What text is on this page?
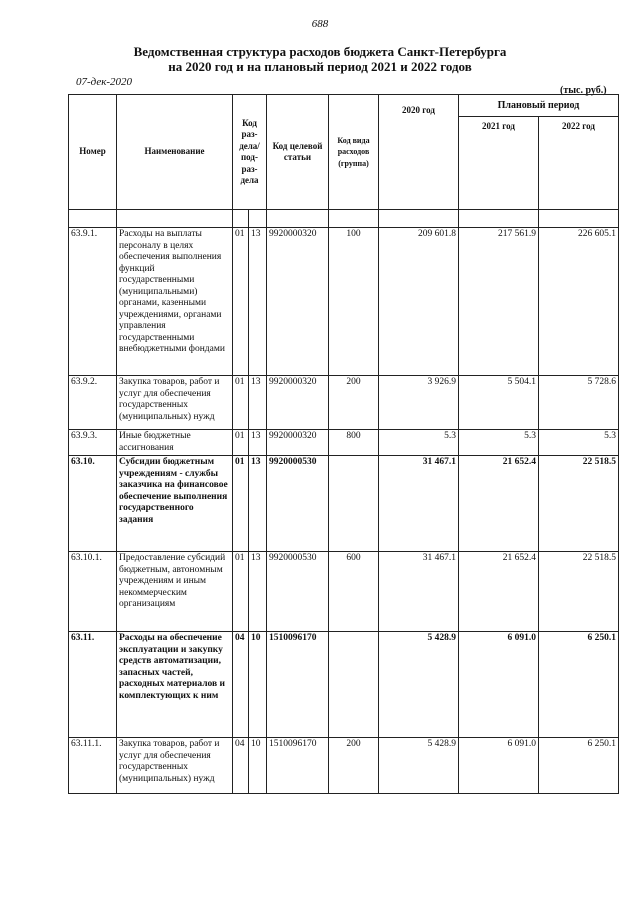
688
Ведомственная структура расходов бюджета Санкт-Петербурга
на 2020 год и на плановый период 2021 и 2022 годов
07-дек-2020
(тыс. руб.)
Номер	Наименование	Код раз- дела/ под- раз- дела		Код целевой статьи	Код вида расходов (группа)	2020 год	Плановый период	
							2021 год	2022 год

63.9.1.	Расходы на выплаты персоналу в целях обеспечения выполнения функций государственными (муниципальными) органами, казенными учреждениями, органами управления государственными внебюджетными фондами	01	13	9920000320	100	209 601.8	217 561.9	226 605.1
63.9.2.	Закупка товаров, работ и услуг для обеспечения государственных (муниципальных) нужд	01	13	9920000320	200	3 926.9	5 504.1	5 728.6
63.9.3.	Иные бюджетные ассигнования	01	13	9920000320	800	5.3	5.3	5.3
63.10.	Субсидии бюджетным учреждениям - службы заказчика на финансовое обеспечение выполнения государственного задания	01	13	9920000530		31 467.1	21 652.4	22 518.5
63.10.1.	Предоставление субсидий бюджетным, автономным учреждениям и иным некоммерческим организациям	01	13	9920000530	600	31 467.1	21 652.4	22 518.5
63.11.	Расходы на обеспечение эксплуатации и закупку средств автоматизации, запасных частей, расходных материалов и комплектующих к ним	04	10	1510096170		5 428.9	6 091.0	6 250.1
63.11.1.	Закупка товаров, работ и услуг для обеспечения государственных (муниципальных) нужд	04	10	1510096170	200	5 428.9	6 091.0	6 250.1
